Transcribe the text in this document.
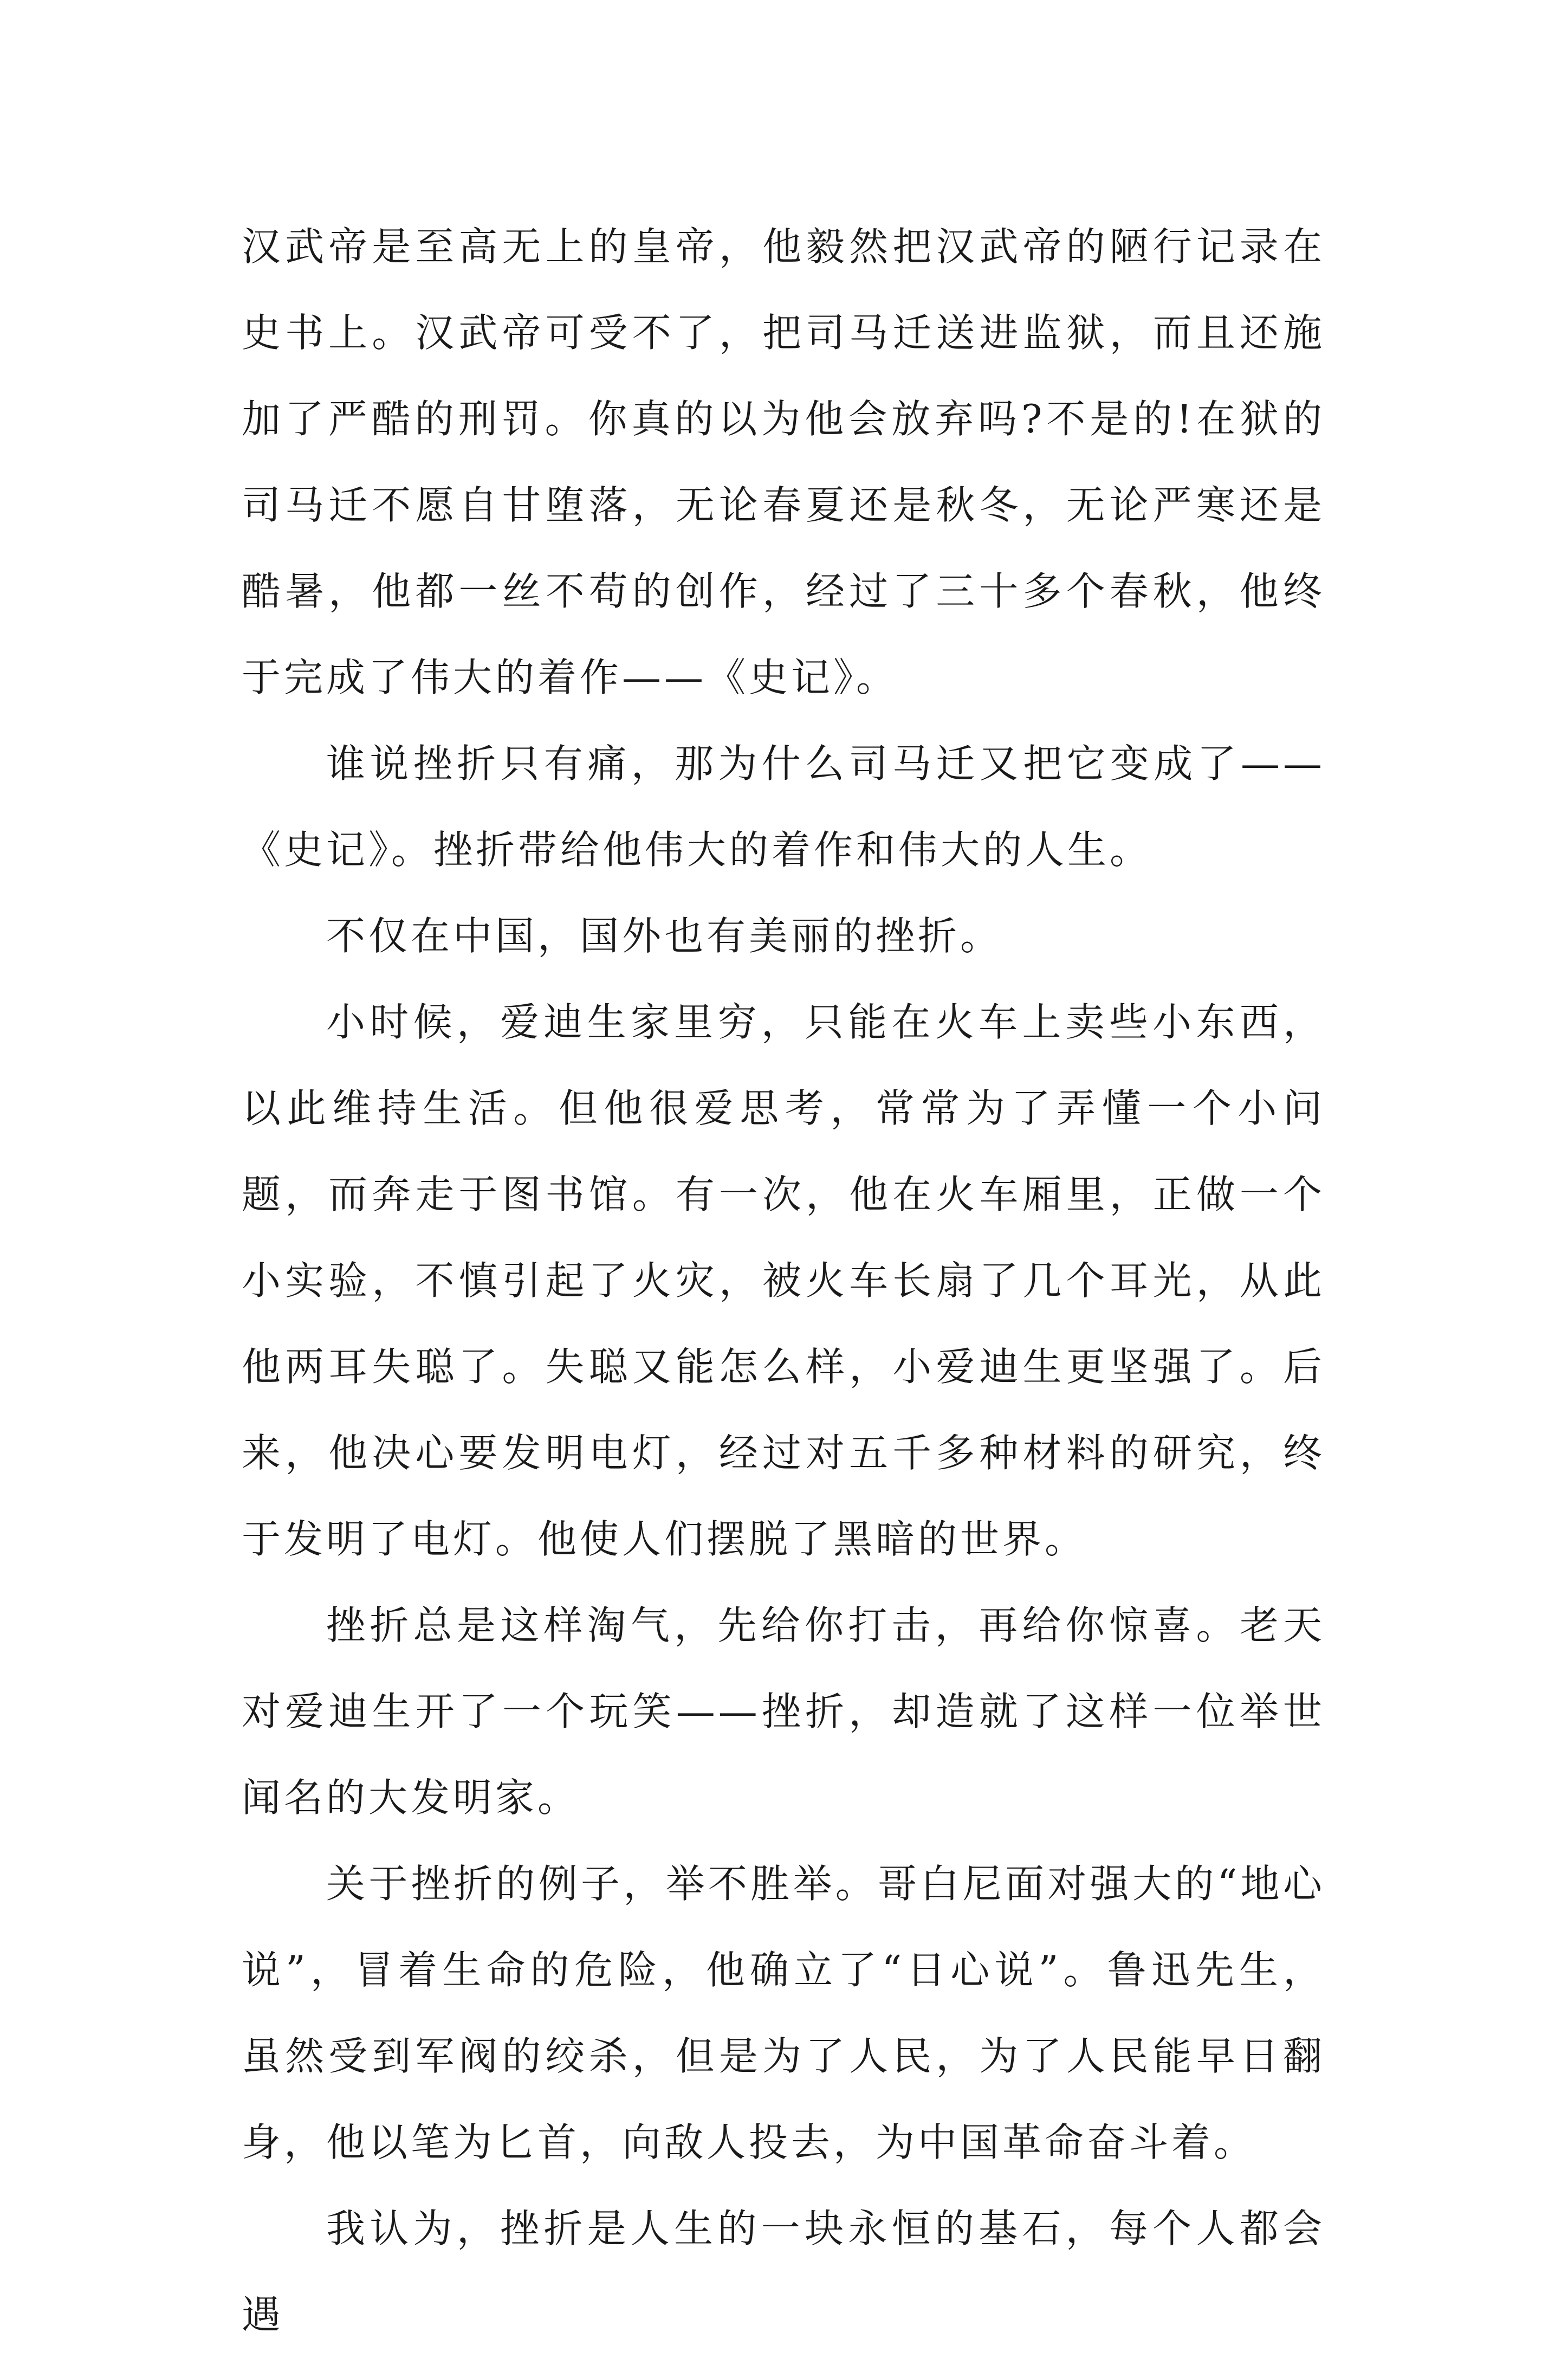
汉武帝是至高无上的皇帝，他毅然把汉武帝的陋行记录在史书上。汉武帝可受不了，把司马迁送进监狱，而且还施加了严酷的刑罚。你真的以为他会放弃吗?不是的!在狱的司马迁不愿自甘堕落，无论春夏还是秋冬，无论严寒还是酷暑，他都一丝不苟的创作，经过了三十多个春秋，他终于完成了伟大的着作——《史记》。

谁说挫折只有痛，那为什么司马迁又把它变成了——《史记》。挫折带给他伟大的着作和伟大的人生。

不仅在中国，国外也有美丽的挫折。

小时候，爱迪生家里穷，只能在火车上卖些小东西，以此维持生活。但他很爱思考，常常为了弄懂一个小问题，而奔走于图书馆。有一次，他在火车厢里，正做一个小实验，不慎引起了火灾，被火车长扇了几个耳光，从此他两耳失聪了。失聪又能怎么样，小爱迪生更坚强了。后来，他决心要发明电灯，经过对五千多种材料的研究，终于发明了电灯。他使人们摆脱了黑暗的世界。

挫折总是这样淘气，先给你打击，再给你惊喜。老天对爱迪生开了一个玩笑——挫折，却造就了这样一位举世闻名的大发明家。

关于挫折的例子，举不胜举。哥白尼面对强大的“地心说”，冒着生命的危险，他确立了“日心说”。鲁迅先生，虽然受到军阀的绞杀，但是为了人民，为了人民能早日翻身，他以笔为匕首，向敌人投去，为中国革命奋斗着。

我认为，挫折是人生的一块永恒的基石，每个人都会遇
